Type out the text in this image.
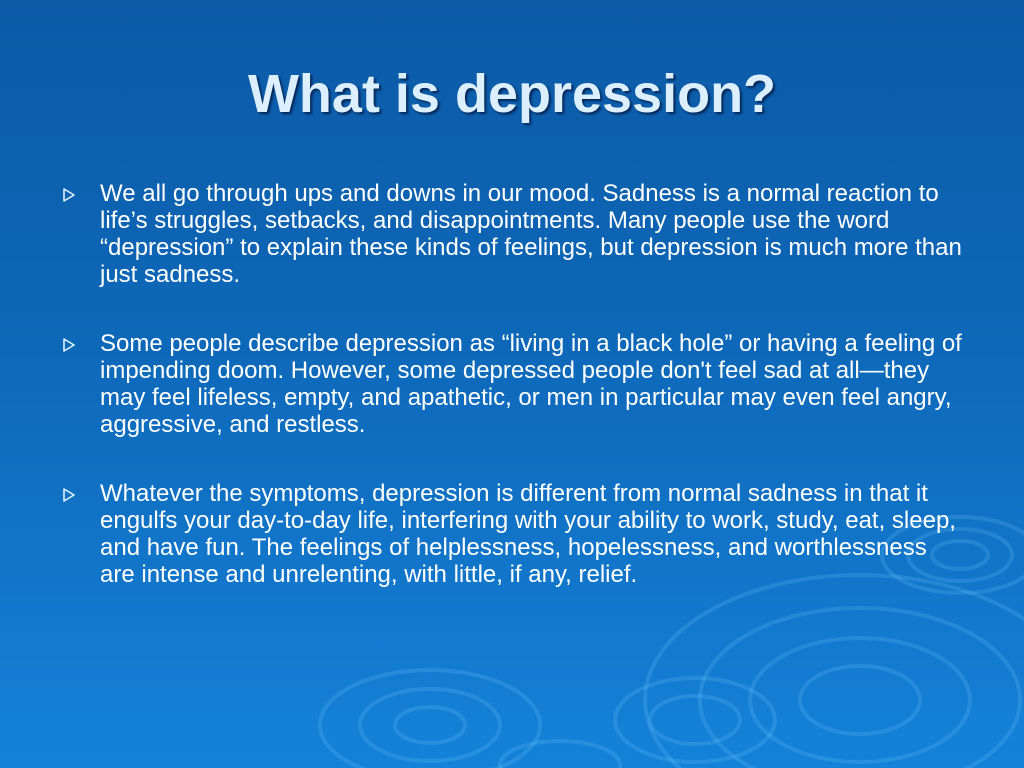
What is depression?
We all go through ups and downs in our mood. Sadness is a normal reaction to life’s struggles, setbacks, and disappointments. Many people use the word “depression” to explain these kinds of feelings, but depression is much more than just sadness.
Some people describe depression as “living in a black hole” or having a feeling of impending doom. However, some depressed people don't feel sad at all—they may feel lifeless, empty, and apathetic, or men in particular may even feel angry, aggressive, and restless.
Whatever the symptoms, depression is different from normal sadness in that it engulfs your day-to-day life, interfering with your ability to work, study, eat, sleep, and have fun. The feelings of helplessness, hopelessness, and worthlessness are intense and unrelenting, with little, if any, relief.
